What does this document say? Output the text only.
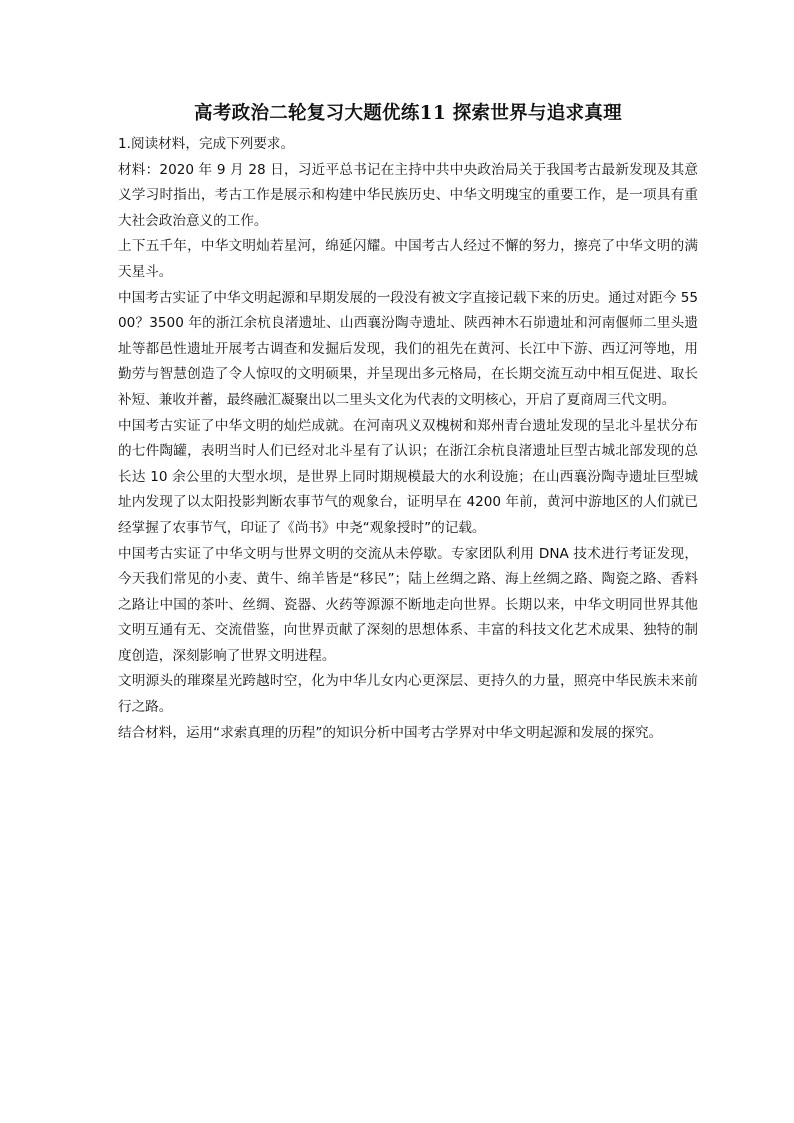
高考政治二轮复习大题优练11 探索世界与追求真理

1.阅读材料，完成下列要求。

材料：2020 年 9 月 28 日，习近平总书记在主持中共中央政治局关于我国考古最新发现及其意义学习时指出，考古工作是展示和构建中华民族历史、中华文明瑰宝的重要工作，是一项具有重大社会政治意义的工作。

上下五千年，中华文明灿若星河，绵延闪耀。中国考古人经过不懈的努力，擦亮了中华文明的满天星斗。

中国考古实证了中华文明起源和早期发展的一段没有被文字直接记载下来的历史。通过对距今 5500？3500 年的浙江余杭良渚遗址、山西襄汾陶寺遗址、陕西神木石峁遗址和河南偃师二里头遗址等都邑性遗址开展考古调查和发掘后发现，我们的祖先在黄河、长江中下游、西辽河等地，用勤劳与智慧创造了令人惊叹的文明硕果，并呈现出多元格局，在长期交流互动中相互促进、取长补短、兼收并蓄，最终融汇凝聚出以二里头文化为代表的文明核心，开启了夏商周三代文明。

中国考古实证了中华文明的灿烂成就。在河南巩义双槐树和郑州青台遗址发现的呈北斗星状分布的七件陶罐，表明当时人们已经对北斗星有了认识；在浙江余杭良渚遗址巨型古城北部发现的总长达 10 余公里的大型水坝，是世界上同时期规模最大的水利设施；在山西襄汾陶寺遗址巨型城址内发现了以太阳投影判断农事节气的观象台，证明早在 4200 年前，黄河中游地区的人们就已经掌握了农事节气，印证了《尚书》中尧“观象授时”的记载。

中国考古实证了中华文明与世界文明的交流从未停歇。专家团队利用 DNA 技术进行考证发现，今天我们常见的小麦、黄牛、绵羊皆是“移民”；陆上丝绸之路、海上丝绸之路、陶瓷之路、香料之路让中国的茶叶、丝绸、瓷器、火药等源源不断地走向世界。长期以来，中华文明同世界其他文明互通有无、交流借鉴，向世界贡献了深刻的思想体系、丰富的科技文化艺术成果、独特的制度创造，深刻影响了世界文明进程。

文明源头的璀璨星光跨越时空，化为中华儿女内心更深层、更持久的力量，照亮中华民族未来前行之路。

结合材料，运用“求索真理的历程”的知识分析中国考古学界对中华文明起源和发展的探究。
